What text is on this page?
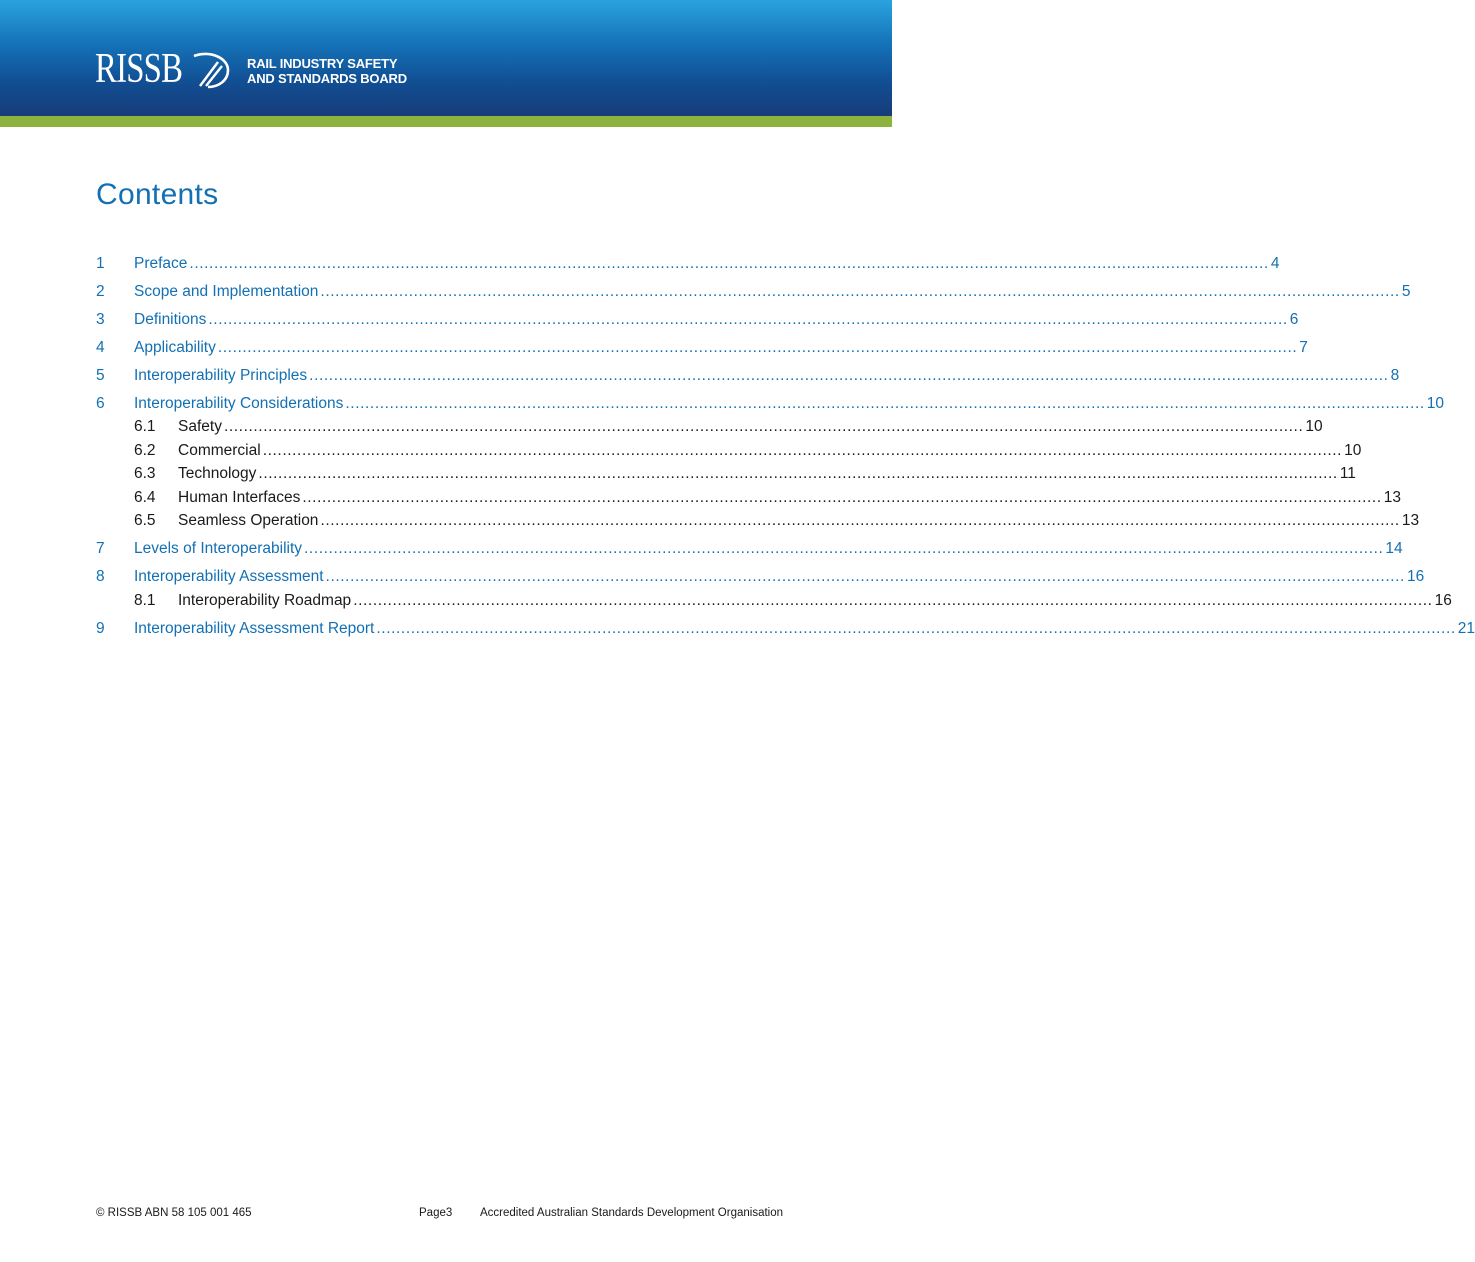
RISSB	RAIL INDUSTRY SAFETY
AND STANDARDS BOARD
Contents
1 Preface ............................................................................................................................................................................................................................ 4
2 Scope and Implementation ............................................................................................................................................................................................................................ 5
3 Definitions ............................................................................................................................................................................................................................ 6
4 Applicability ............................................................................................................................................................................................................................ 7
5 Interoperability Principles ............................................................................................................................................................................................................................ 8
6 Interoperability Considerations ............................................................................................................................................................................................................................ 10
6.1 Safety ............................................................................................................................................................................................................................ 10
6.2 Commercial ............................................................................................................................................................................................................................ 10
6.3 Technology ............................................................................................................................................................................................................................ 11
6.4 Human Interfaces ............................................................................................................................................................................................................................ 13
6.5 Seamless Operation ............................................................................................................................................................................................................................ 13
7 Levels of Interoperability ............................................................................................................................................................................................................................ 14
8 Interoperability Assessment ............................................................................................................................................................................................................................ 16
8.1 Interoperability Roadmap ............................................................................................................................................................................................................................ 16
9 Interoperability Assessment Report ............................................................................................................................................................................................................................ 21
© RISSB ABN 58 105 001 465	Page3 Accredited Australian Standards Development Organisation
